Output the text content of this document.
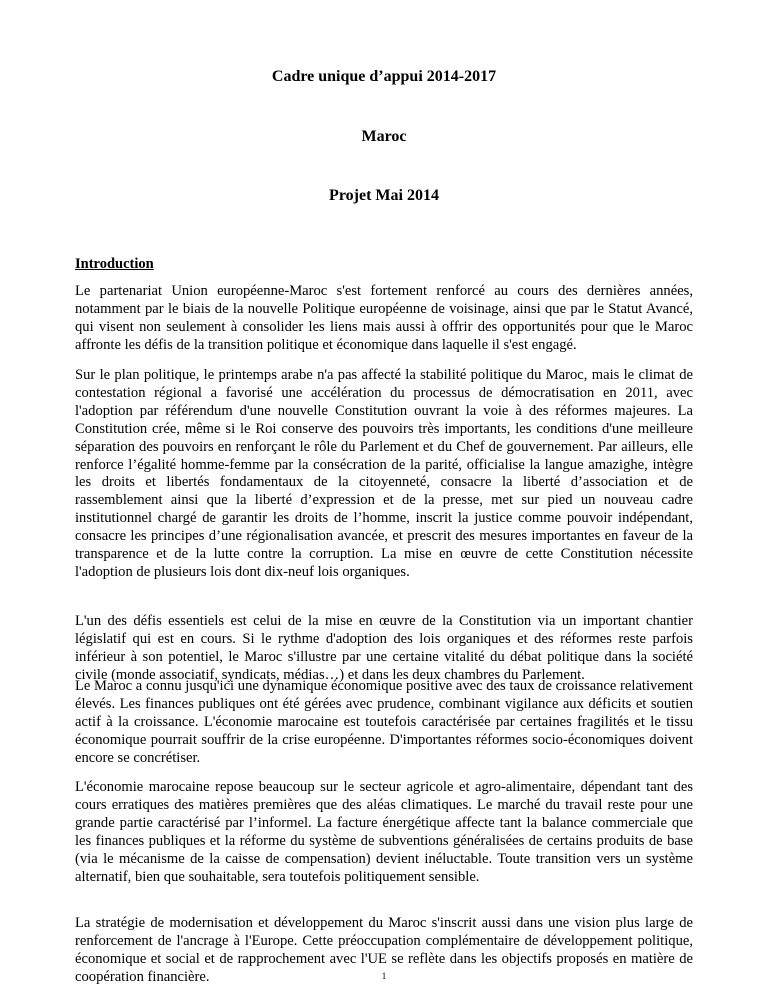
Cadre unique d’appui 2014-2017
Maroc
Projet Mai 2014
Introduction

Le partenariat Union européenne-Maroc s'est fortement renforcé au cours des dernières années, notamment par le biais de la nouvelle Politique européenne de voisinage, ainsi que par le Statut Avancé, qui visent non seulement à consolider les liens mais aussi à offrir des opportunités pour que le Maroc affronte les défis de la transition politique et économique dans laquelle il s'est engagé.

Sur le plan politique, le printemps arabe n'a pas affecté la stabilité politique du Maroc, mais le climat de contestation régional a favorisé une accélération du processus de démocratisation en 2011, avec l'adoption par référendum d'une nouvelle Constitution ouvrant la voie à des réformes majeures. La Constitution crée, même si le Roi conserve des pouvoirs très importants, les conditions d'une meilleure séparation des pouvoirs en renforçant le rôle du Parlement et du Chef de gouvernement. Par ailleurs, elle renforce l’égalité homme-femme par la consécration de la parité, officialise la langue amazighe, intègre les droits et libertés fondamentaux de la citoyenneté, consacre la liberté d’association et de rassemblement ainsi que la liberté d’expression et de la presse, met sur pied un nouveau cadre institutionnel chargé de garantir les droits de l’homme, inscrit la justice comme pouvoir indépendant, consacre les principes d’une régionalisation avancée, et prescrit des mesures importantes en faveur de la transparence et de la lutte contre la corruption. La mise en œuvre de cette Constitution nécessite l'adoption de plusieurs lois dont dix-neuf lois organiques.

L'un des défis essentiels est celui de la mise en œuvre de la Constitution via un important chantier législatif qui est en cours. Si le rythme d'adoption des lois organiques et des réformes reste parfois inférieur à son potentiel, le Maroc s'illustre par une certaine vitalité du débat politique dans la société civile (monde associatif, syndicats, médias…) et dans les deux chambres du Parlement.

Le Maroc a connu jusqu'ici une dynamique économique positive avec des taux de croissance relativement élevés. Les finances publiques ont été gérées avec prudence, combinant vigilance aux déficits et soutien actif à la croissance. L'économie marocaine est toutefois caractérisée par certaines fragilités et le tissu économique pourrait souffrir de la crise européenne. D'importantes réformes socio-économiques doivent encore se concrétiser.

L'économie marocaine repose beaucoup sur le secteur agricole et agro-alimentaire, dépendant tant des cours erratiques des matières premières que des aléas climatiques. Le marché du travail reste pour une grande partie caractérisé par l’informel. La facture énergétique affecte tant la balance commerciale que les finances publiques et la réforme du système de subventions généralisées de certains produits de base (via le mécanisme de la caisse de compensation) devient inéluctable. Toute transition vers un système alternatif, bien que souhaitable, sera toutefois politiquement sensible.

La stratégie de modernisation et développement du Maroc s'inscrit aussi dans une vision plus large de renforcement de l'ancrage à l'Europe. Cette préoccupation complémentaire de développement politique, économique et social et de rapprochement avec l'UE se reflète dans les objectifs proposés en matière de coopération financière.	1
